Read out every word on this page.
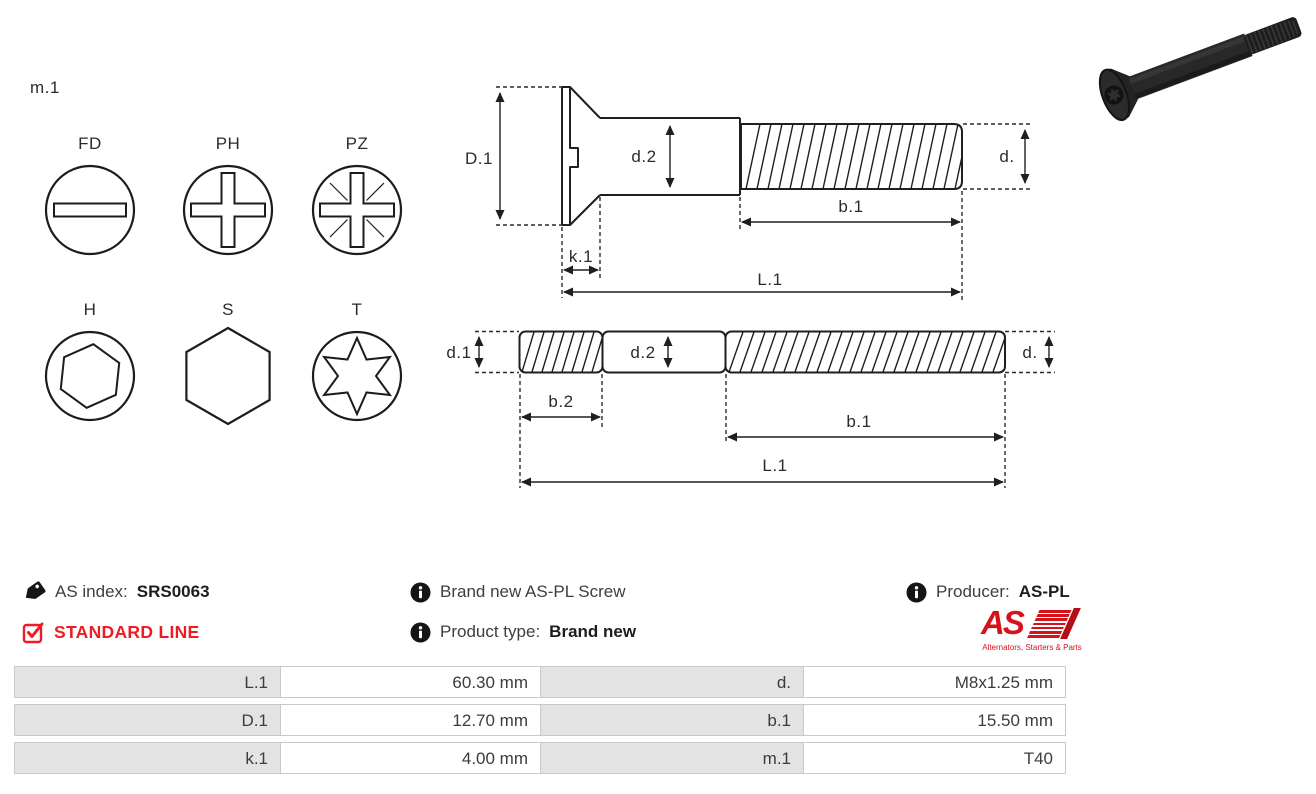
m.1
FD	PH	PZ
H	S	T
D.1	d.2	d.
b.1
k.1
L.1
d.1	d.2	d.
b.2
b.1
L.1
AS index: SRS0063
STANDARD LINE
Brand new AS-PL Screw
Product type: Brand new
Producer: AS-PL
AS
Alternators, Starters & Parts
L.1	60.30 mm	d.	M8x1.25 mm
D.1	12.70 mm	b.1	15.50 mm
k.1	4.00 mm	m.1	T40
